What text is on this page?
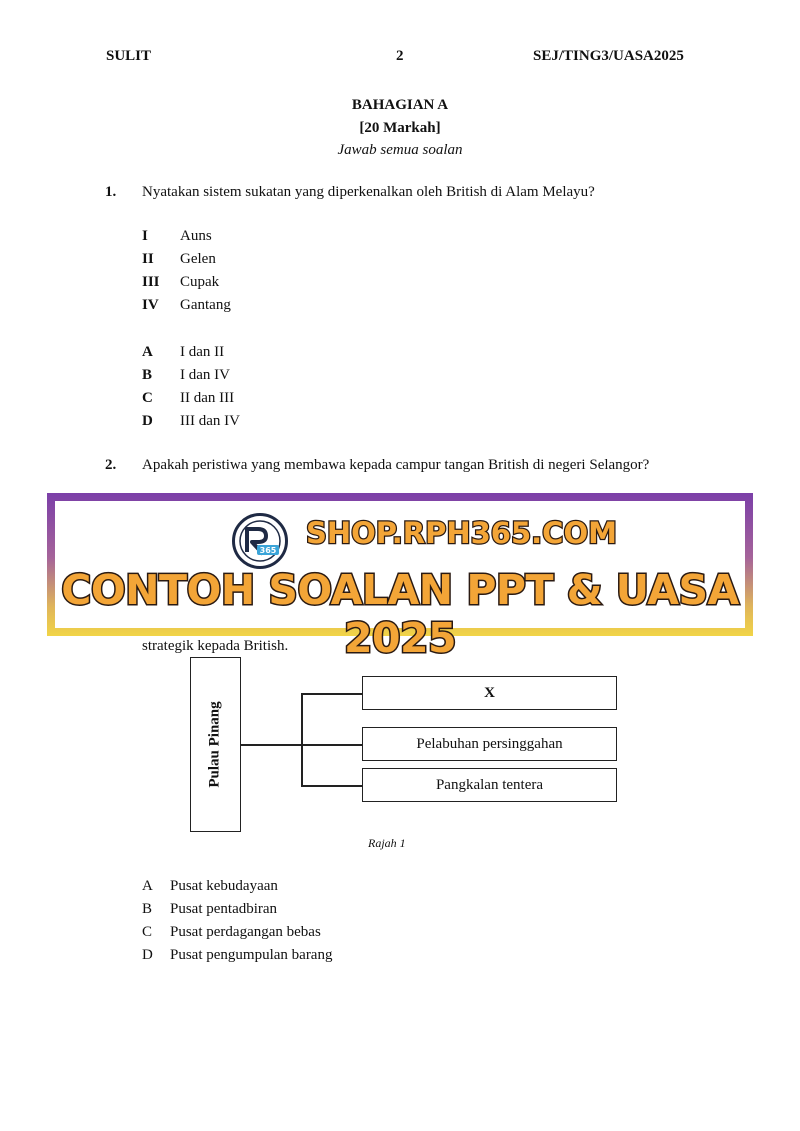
SULIT	2	SEJ/TING3/UASA2025
BAHAGIAN A
[20 Markah]
Jawab semua soalan
1. Nyatakan sistem sukatan yang diperkenalkan oleh British di Alam Melayu?
I	Auns
II	Gelen
III	Cupak
IV	Gantang
A	I dan II
B	I dan IV
C	II dan III
D	III dan IV
2. Apakah peristiwa yang membawa kepada campur tangan British di negeri Selangor?
365
SHOP.RPH365.COM
CONTOH SOALAN PPT & UASA 2025
strategik kepada British.
Pulau Pinang
X
Pelabuhan persinggahan
Pangkalan tentera
Rajah 1
A	Pusat kebudayaan
B	Pusat pentadbiran
C	Pusat perdagangan bebas
D	Pusat pengumpulan barang
